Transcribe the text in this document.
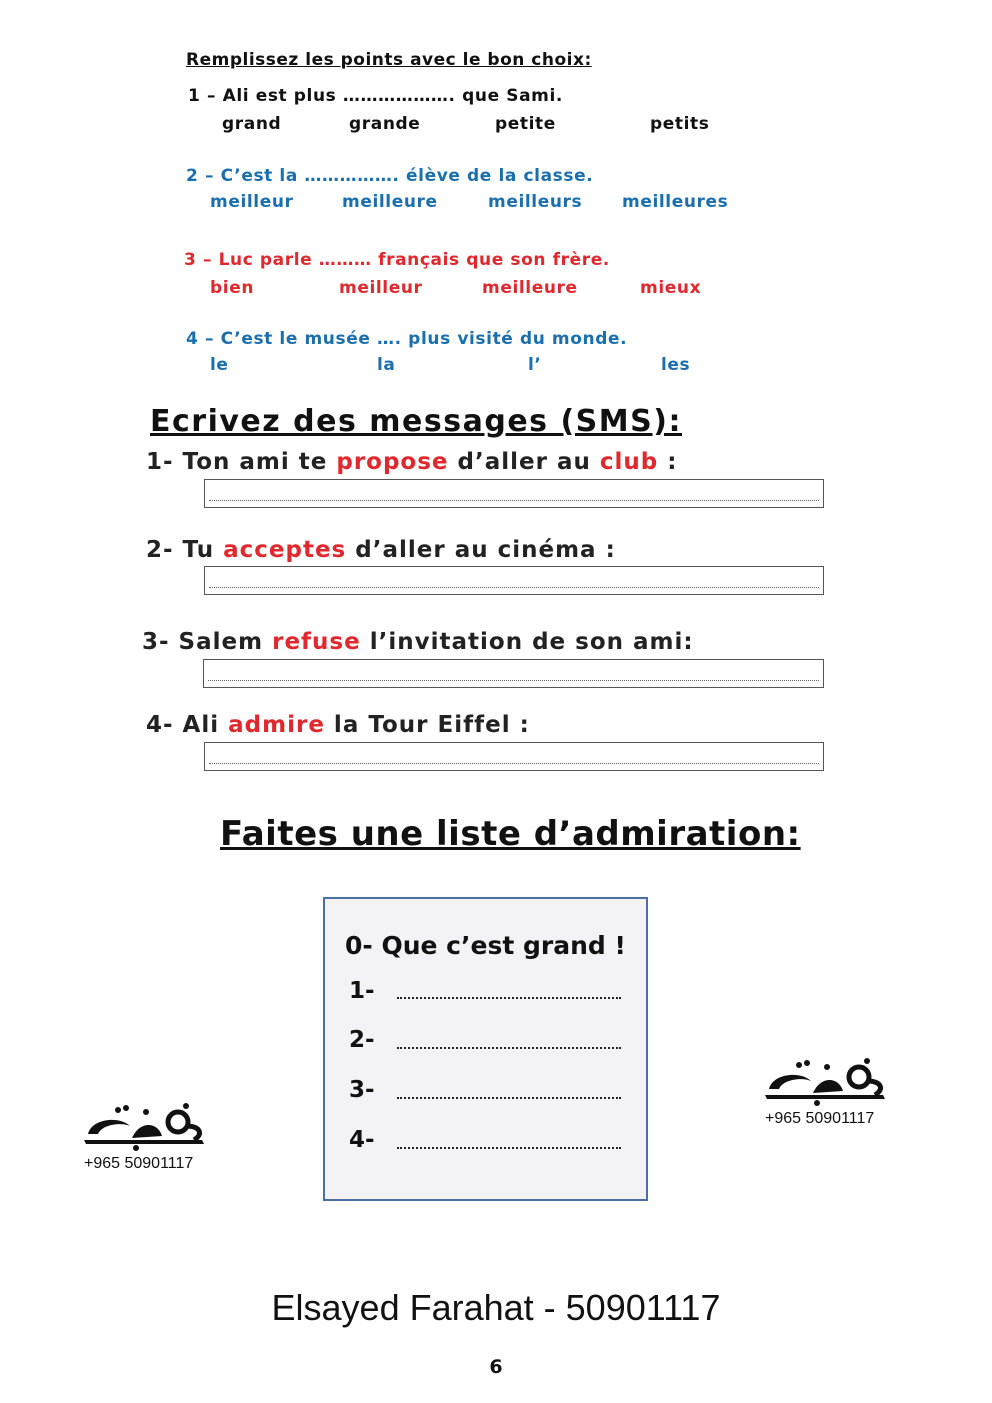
Remplissez les points avec le bon choix:
1 – Ali est plus ………………. que Sami.
grand	grande	petite	petits
2 – C’est la ……………. élève de la classe.
meilleur	meilleure	meilleurs meilleures
3 – Luc parle ……… français que son frère.
bien	meilleur	meilleure	mieux
4 – C’est le musée …. plus visité du monde.
le	la	l’	les
Ecrivez des messages (SMS):
1- Ton ami te propose d’aller au club :
2- Tu acceptes d’aller au cinéma :
3- Salem refuse l’invitation de son ami:
4- Ali admire la Tour Eiffel :
Faites une liste d’admiration:
0- Que c’est grand !
1-
2-
3-
4-
+965 50901117
+965 50901117
Elsayed Farahat - 50901117
6
